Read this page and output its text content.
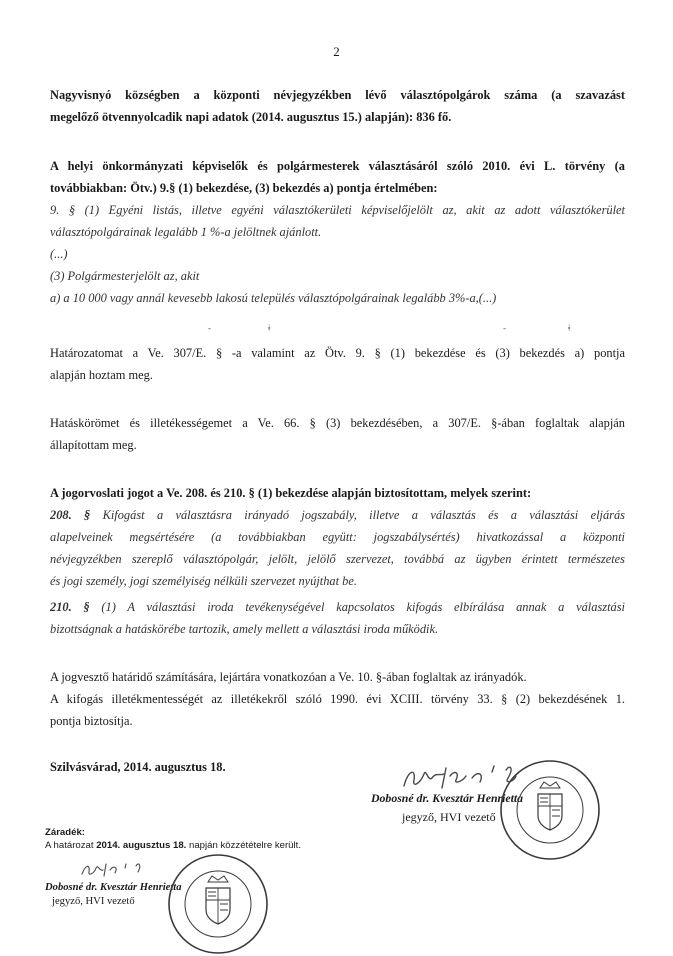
2
Nagyvisnyó községben a központi névjegyzékben lévő választópolgárok száma (a szavazást
megelőző ötvennyolcadik napi adatok (2014. augusztus 15.) alapján): 836 fő.
A helyi önkormányzati képviselők és polgármesterek választásáról szóló 2010. évi L. törvény (a
továbbiakban: Ötv.) 9.§ (1) bekezdése, (3) bekezdés a) pontja értelmében:
9. § (1) Egyéni listás, illetve egyéni választókerületi képviselőjelölt az, akit az adott választókerület
választópolgárainak legalább 1 %-a jelöltnek ajánlott.
(...)
(3) Polgármesterjelölt az, akit
a) a 10 000 vagy annál kevesebb lakosú település választópolgárainak legalább 3%-a,(...)
-	ǂ	-	ǂ
Határozatomat a Ve. 307/E. § -a valamint az Ötv. 9. § (1) bekezdése és (3) bekezdés a) pontja
alapján hoztam meg.
Hatáskörömet és illetékességemet a Ve. 66. § (3) bekezdésében, a 307/E. §-ában foglaltak alapján
állapítottam meg.
A jogorvoslati jogot a Ve. 208. és 210. § (1) bekezdése alapján biztosítottam, melyek szerint:
208. § Kifogást a választásra irányadó jogszabály, illetve a választás és a választási eljárás
alapelveinek megsértésére (a továbbiakban együtt: jogszabálysértés) hivatkozással a központi
névjegyzékben szereplő választópolgár, jelölt, jelölő szervezet, továbbá az ügyben érintett természetes
és jogi személy, jogi személyiség nélküli szervezet nyújthat be.
210. § (1) A választási iroda tevékenységével kapcsolatos kifogás elbírálása annak a választási
bizottságnak a hatáskörébe tartozik, amely mellett a választási iroda működik.
A jogvesztő határidő számítására, lejártára vonatkozóan a Ve. 10. §-ában foglaltak az irányadók.
A kifogás illetékmentességét az illetékekről szóló 1990. évi XCIII. törvény 33. § (2) bekezdésének 1.
pontja biztosítja.
Szilvásvárad, 2014. augusztus 18.
Dobosné dr. Kvesztár Henrietta
jegyző, HVI vezető
Záradék:
A határozat 2014. augusztus 18. napján közzétételre került.
Dobosné dr. Kvesztár Henrietta
jegyző, HVI vezető
